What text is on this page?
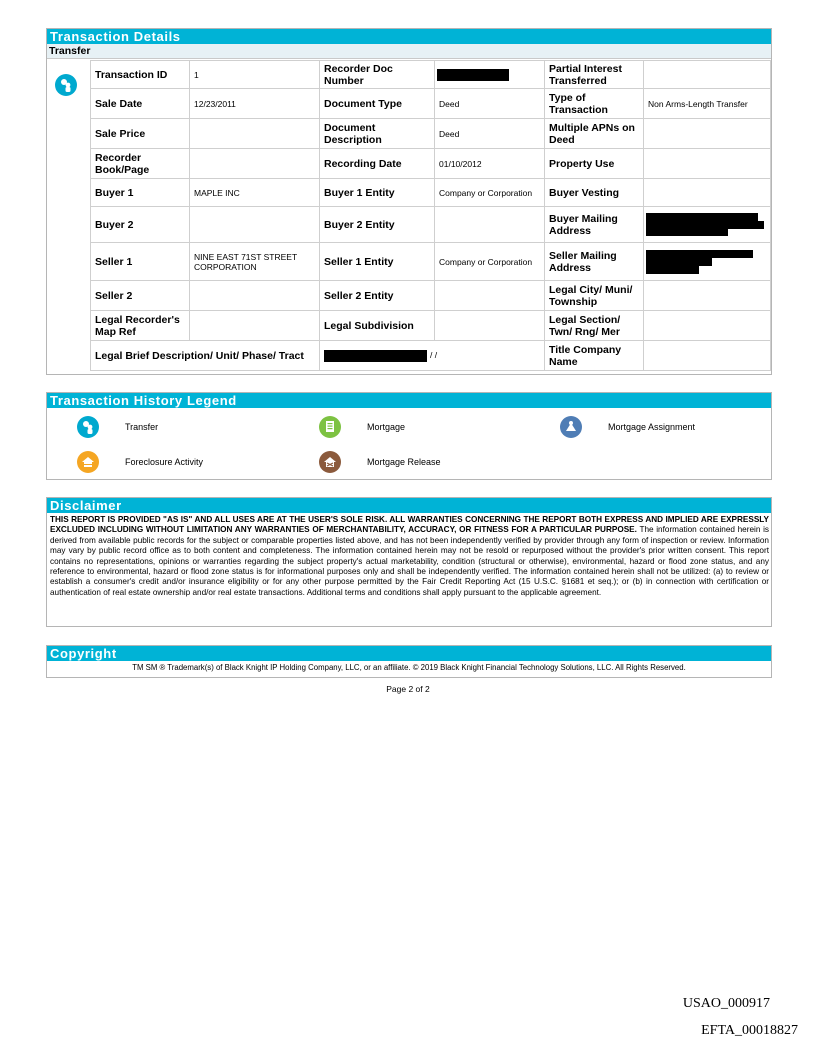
Transaction Details
Transfer
Transaction ID	1	Recorder Doc Number		Partial Interest Transferred	
Sale Date	12/23/2011	Document Type	Deed	Type of Transaction	Non Arms-Length Transfer
Sale Price		Document Description	Deed	Multiple APNs on Deed	
Recorder Book/Page		Recording Date	01/10/2012	Property Use	
Buyer 1	MAPLE INC	Buyer 1 Entity	Company or Corporation	Buyer Vesting	
Buyer 2		Buyer 2 Entity		Buyer Mailing Address	

Seller 1	NINE EAST 71ST STREET CORPORATION	Seller 1 Entity	Company or Corporation	Seller Mailing Address	

Seller 2		Seller 2 Entity		Legal City/ Muni/ Township	
Legal Recorder's Map Ref		Legal Subdivision		Legal Section/ Twn/ Rng/ Mer	
Legal Brief Description/ Unit/ Phase/ Tract		/ /		Title Company Name	
Transaction History Legend
Transfer	Mortgage	Mortgage Assignment
Foreclosure Activity	Mortgage Release
Disclaimer
THIS REPORT IS PROVIDED "AS IS" AND ALL USES ARE AT THE USER'S SOLE RISK. ALL WARRANTIES CONCERNING THE REPORT BOTH EXPRESS AND IMPLIED ARE EXPRESSLY EXCLUDED INCLUDING WITHOUT LIMITATION ANY WARRANTIES OF MERCHANTABILITY, ACCURACY, OR FITNESS FOR A PARTICULAR PURPOSE. The information contained herein is derived from available public records for the subject or comparable properties listed above, and has not been independently verified by provider through any form of inspection or review. Information may vary by public record office as to both content and completeness. The information contained herein may not be resold or repurposed without the provider's prior written consent. This report contains no representations, opinions or warranties regarding the subject property's actual marketability, condition (structural or otherwise), environmental, hazard or flood zone status, and any reference to environmental, hazard or flood zone status is for informational purposes only and shall be independently verified. The information contained herein shall not be utilized: (a) to review or establish a consumer's credit and/or insurance eligibility or for any other purpose permitted by the Fair Credit Reporting Act (15 U.S.C. §1681 et seq.); or (b) in connection with certification or authentication of real estate ownership and/or real estate transactions. Additional terms and conditions shall apply pursuant to the applicable agreement.
Copyright
TM SM ® Trademark(s) of Black Knight IP Holding Company, LLC, or an affiliate. © 2019 Black Knight Financial Technology Solutions, LLC. All Rights Reserved.
Page 2 of 2
USAO_000917
EFTA_00018827
